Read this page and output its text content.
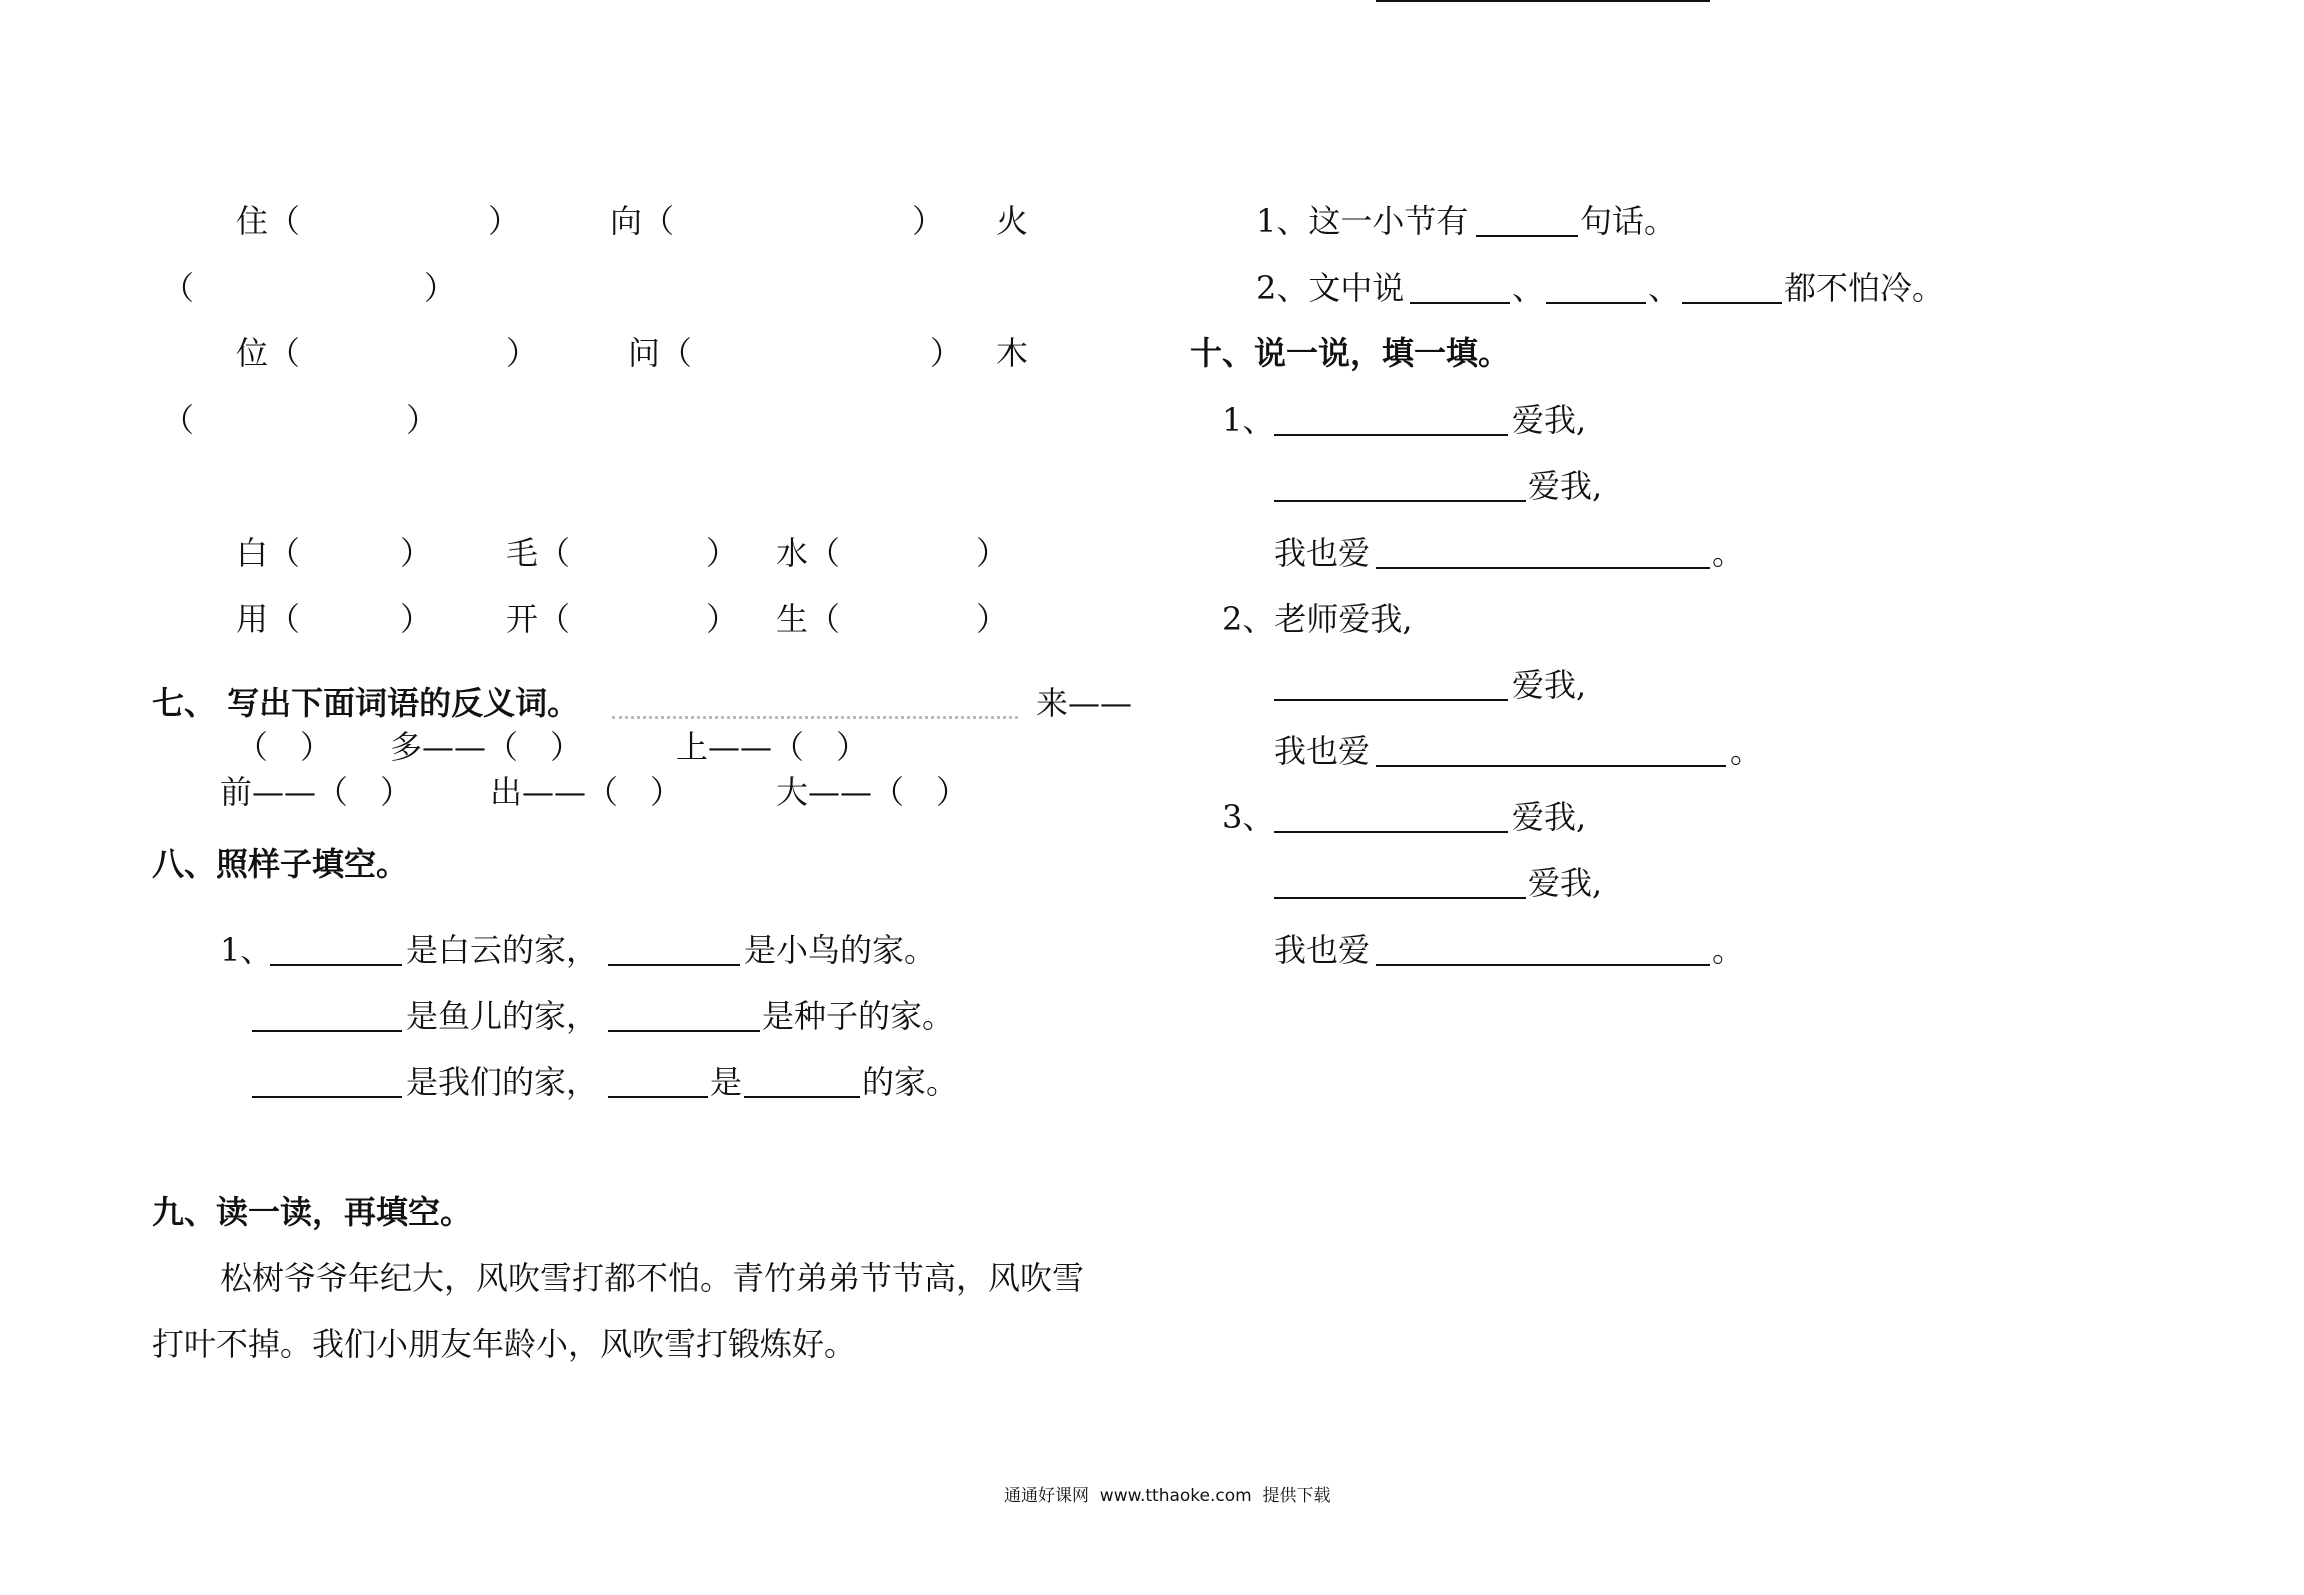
住（	）	向（	） 火
（	）
位（	）	问（	） 木
（	）
白（	） 毛（	） 水（	）
用（	） 开（	） 生（	）
七、 写出下面词语的反义词。	来——
（　） 多——（　）	上——（　）
前——（　） 出——（　）	大——（　）
八、照样子填空。
1、	是白云的家，	是小鸟的家。
是鱼儿的家，	是种子的家。
是我们的家，	是	的家。
九、读一读，再填空。
松树爷爷年纪大，风吹雪打都不怕。青竹弟弟节节高，风吹雪
打叶不掉。我们小朋友年龄小，风吹雪打锻炼好。
1、这一小节有	句话。
2、文中说	、	、	都不怕冷。
十、说一说，填一填。
1、	爱我,
爱我,
我也爱	。
2、老师爱我,
爱我,
我也爱	。
3、	爱我,
爱我,
我也爱	。
通通好课网  www.tthaoke.com  提供下载
